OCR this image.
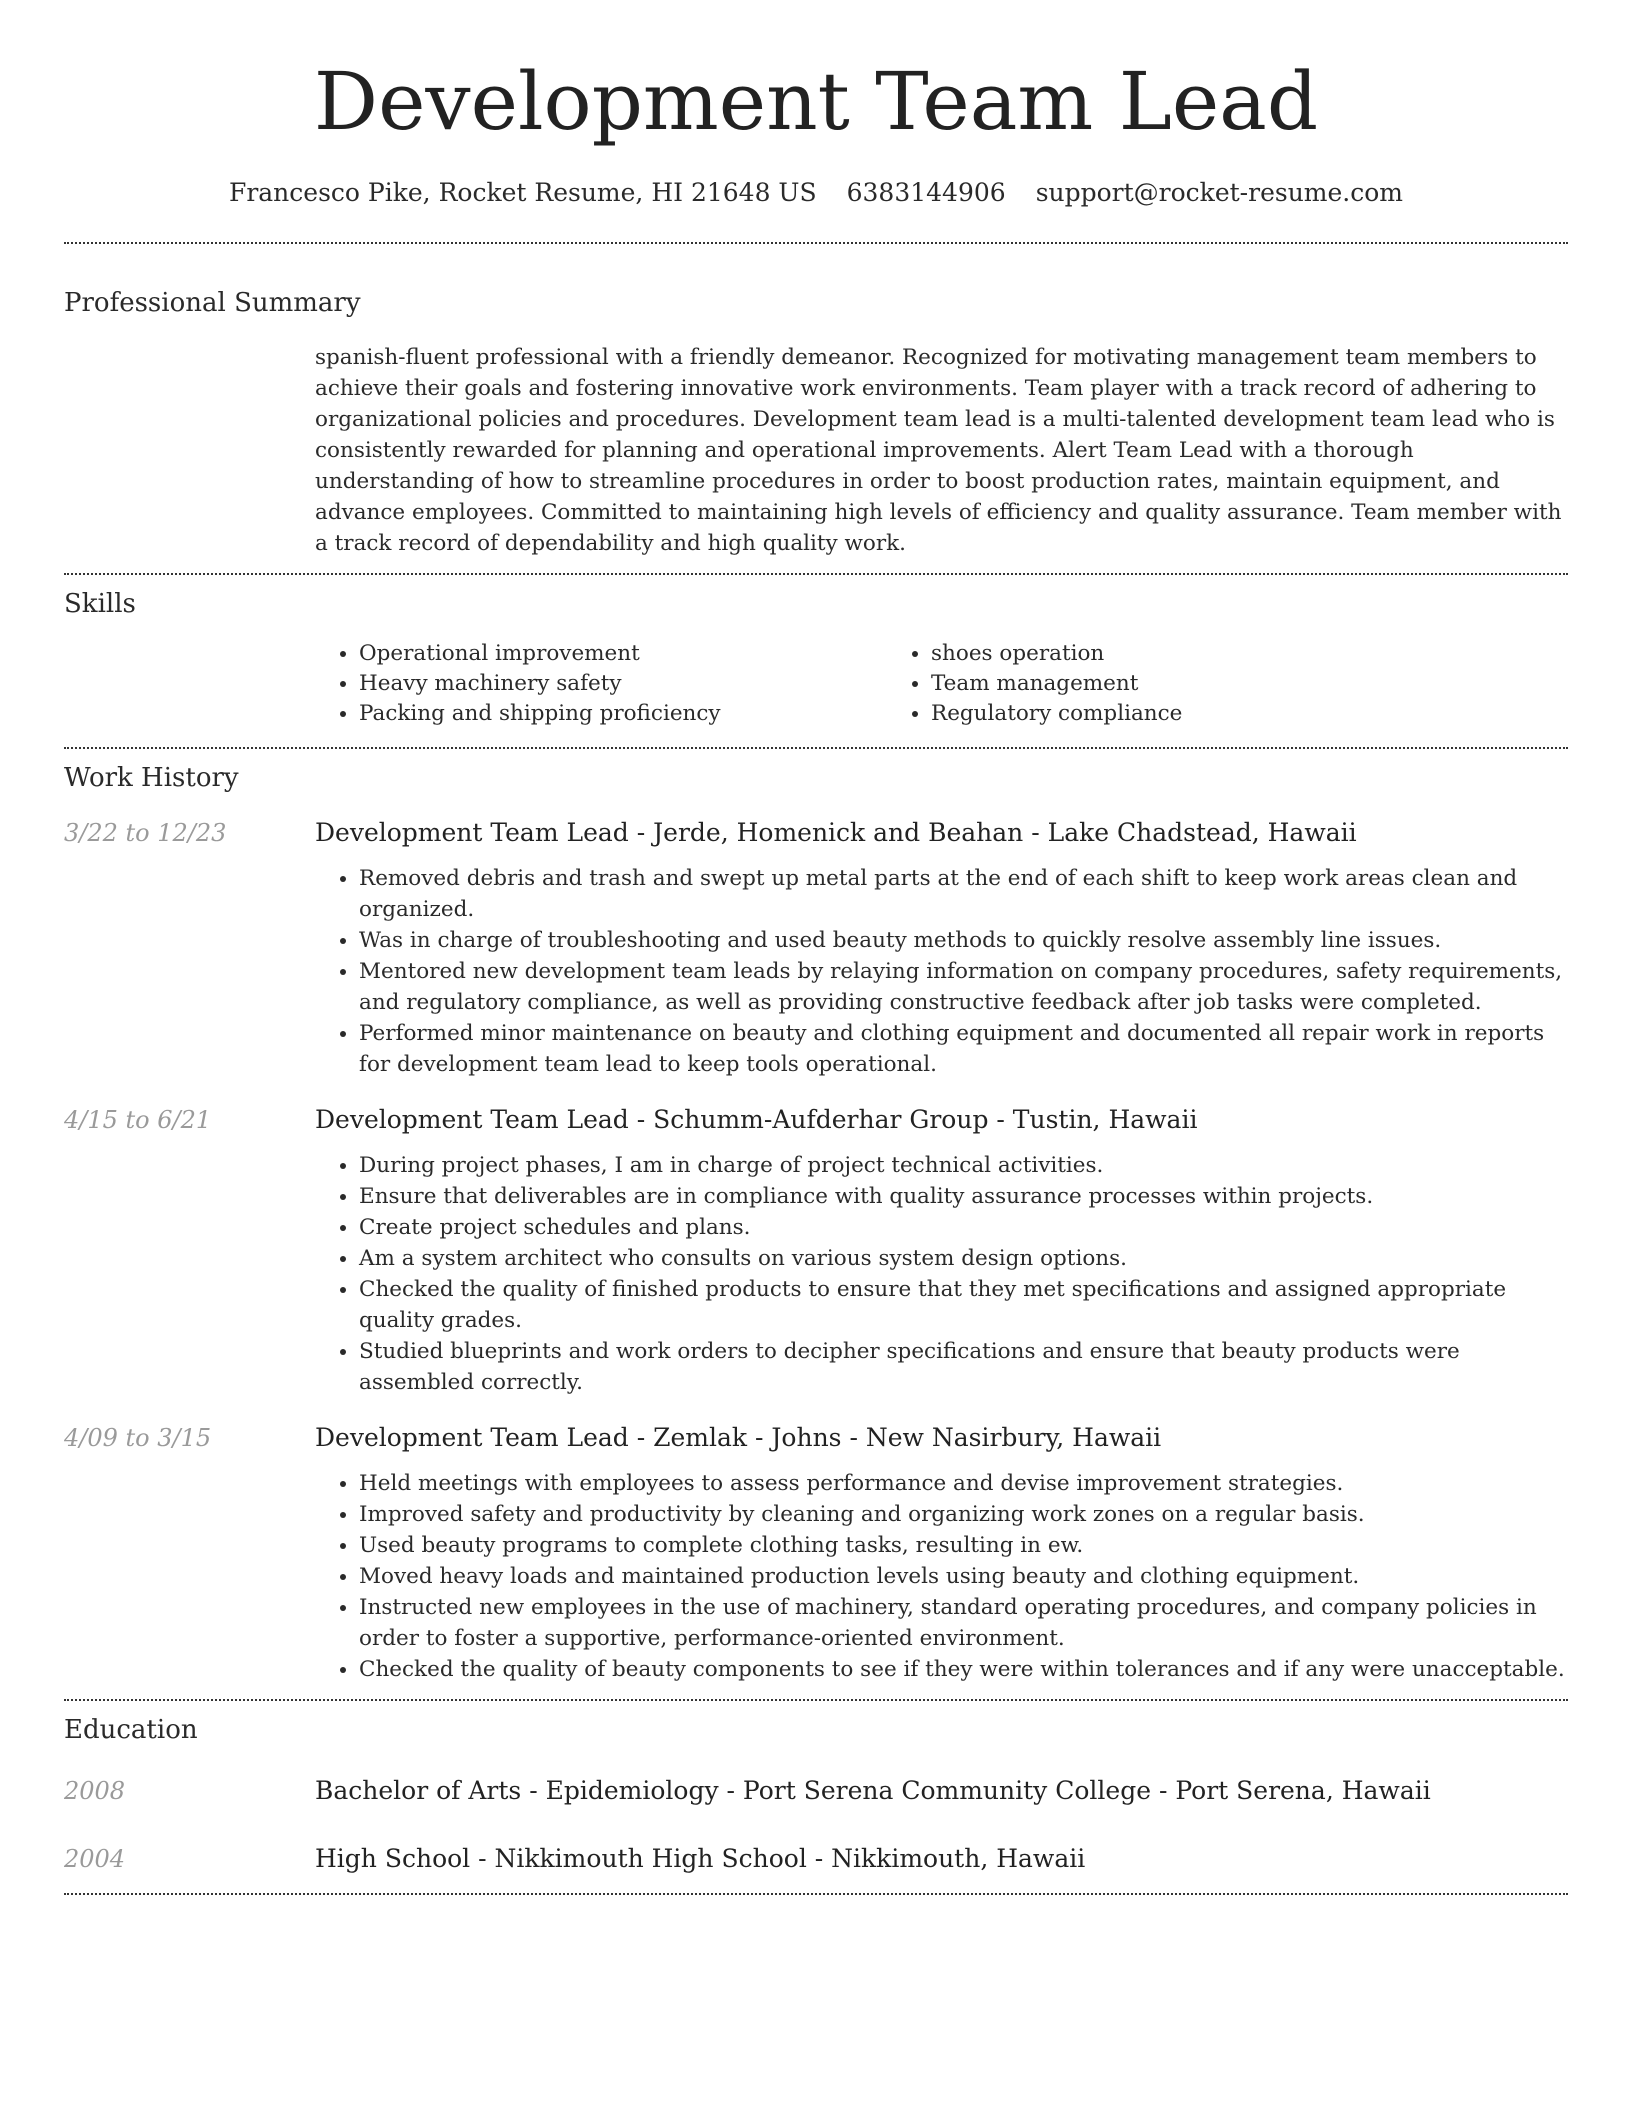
Development Team Lead
Francesco Pike, Rocket Resume, HI 21648 US 6383144906 support@rocket-resume.com
Professional Summary
spanish-fluent professional with a friendly demeanor. Recognized for motivating management team members to achieve their goals and fostering innovative work environments. Team player with a track record of adhering to organizational policies and procedures. Development team lead is a multi-talented development team lead who is consistently rewarded for planning and operational improvements. Alert Team Lead with a thorough understanding of how to streamline procedures in order to boost production rates, maintain equipment, and advance employees. Committed to maintaining high levels of efficiency and quality assurance. Team member with a track record of dependability and high quality work.
Skills
• Operational improvement
• Heavy machinery safety
• Packing and shipping proficiency
• shoes operation
• Team management
• Regulatory compliance
Work History
3/22 to 12/23	Development Team Lead - Jerde, Homenick and Beahan - Lake Chadstead, Hawaii
• Removed debris and trash and swept up metal parts at the end of each shift to keep work areas clean and organized.
• Was in charge of troubleshooting and used beauty methods to quickly resolve assembly line issues.
• Mentored new development team leads by relaying information on company procedures, safety requirements, and regulatory compliance, as well as providing constructive feedback after job tasks were completed.
• Performed minor maintenance on beauty and clothing equipment and documented all repair work in reports for development team lead to keep tools operational.
4/15 to 6/21	Development Team Lead - Schumm-Aufderhar Group - Tustin, Hawaii
• During project phases, I am in charge of project technical activities.
• Ensure that deliverables are in compliance with quality assurance processes within projects.
• Create project schedules and plans.
• Am a system architect who consults on various system design options.
• Checked the quality of finished products to ensure that they met specifications and assigned appropriate quality grades.
• Studied blueprints and work orders to decipher specifications and ensure that beauty products were assembled correctly.
4/09 to 3/15	Development Team Lead - Zemlak - Johns - New Nasirbury, Hawaii
• Held meetings with employees to assess performance and devise improvement strategies.
• Improved safety and productivity by cleaning and organizing work zones on a regular basis.
• Used beauty programs to complete clothing tasks, resulting in ew.
• Moved heavy loads and maintained production levels using beauty and clothing equipment.
• Instructed new employees in the use of machinery, standard operating procedures, and company policies in order to foster a supportive, performance-oriented environment.
• Checked the quality of beauty components to see if they were within tolerances and if any were unacceptable.
Education
2008	Bachelor of Arts - Epidemiology - Port Serena Community College - Port Serena, Hawaii
2004	High School - Nikkimouth High School - Nikkimouth, Hawaii
